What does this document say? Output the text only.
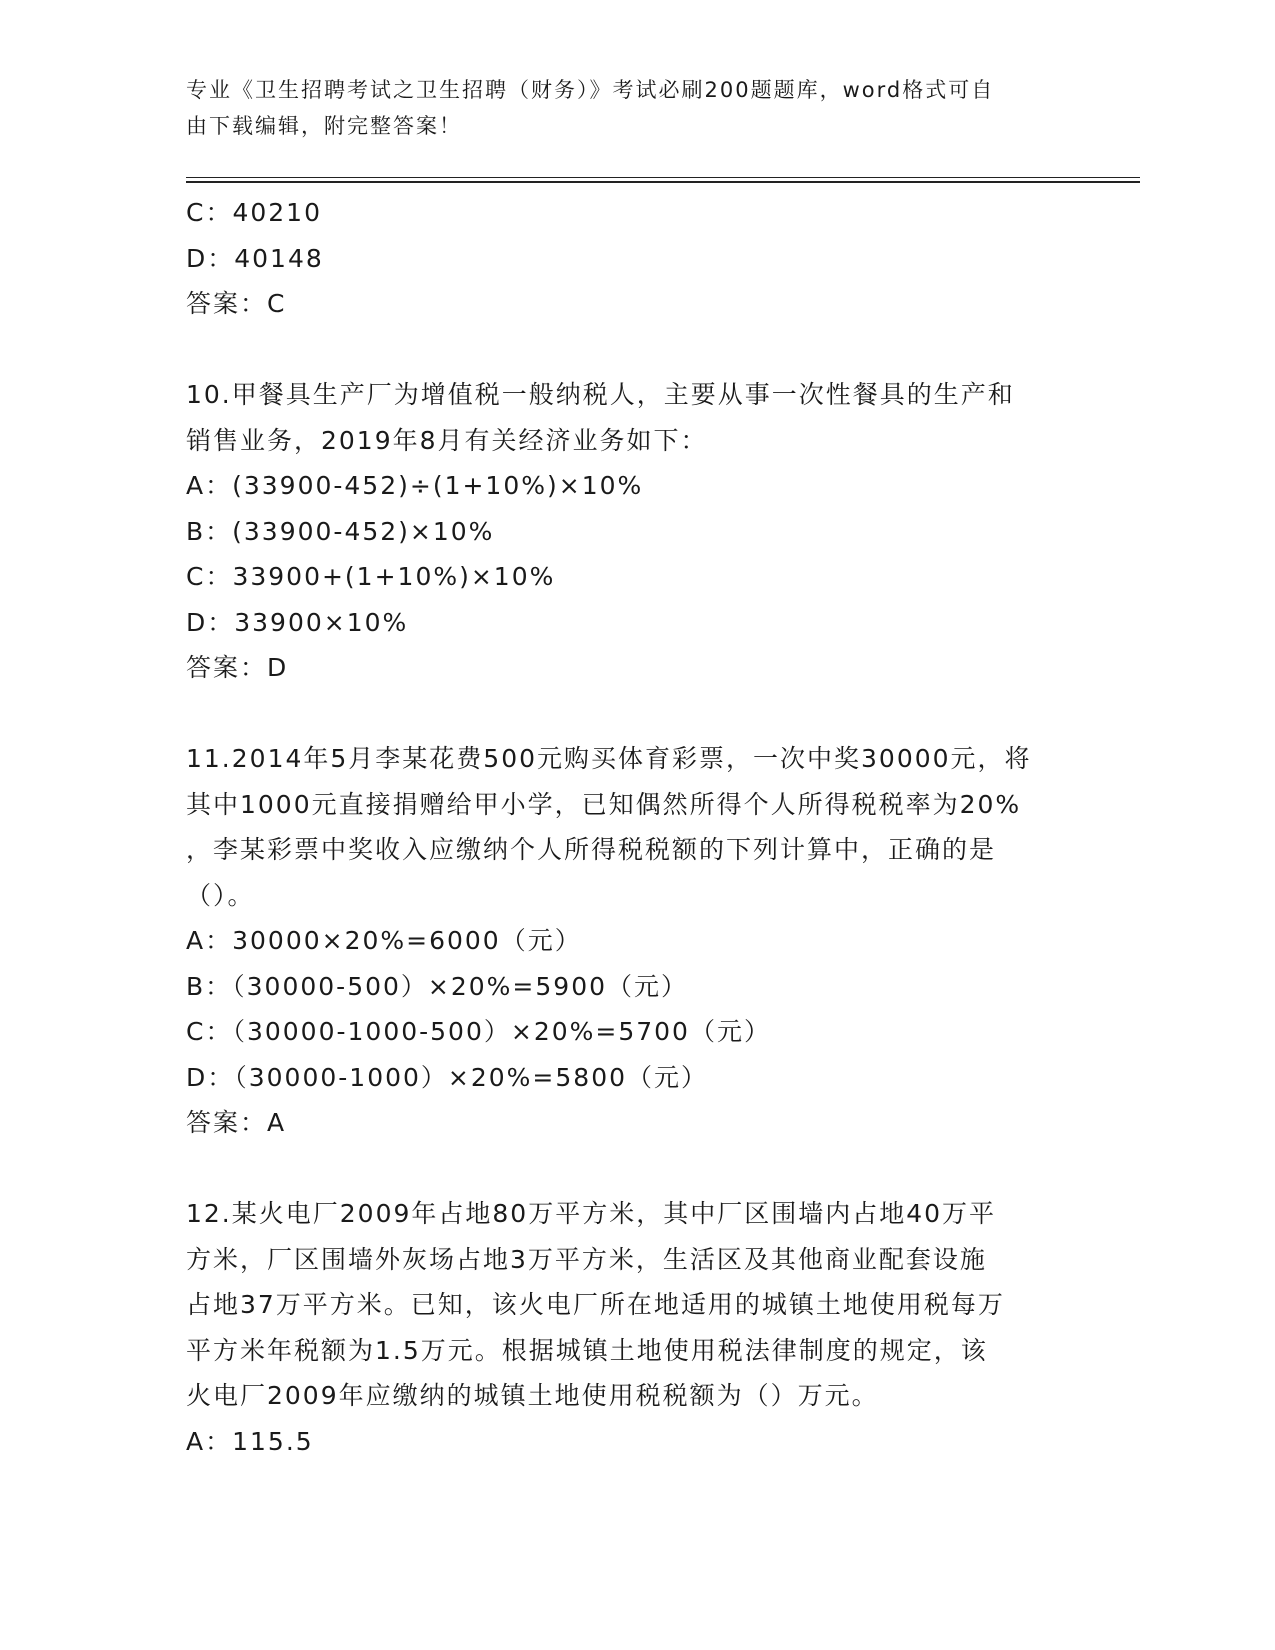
专业《卫生招聘考试之卫生招聘（财务）》考试必刷200题题库，word格式可自
由下载编辑，附完整答案！

C：40210

D：40148

答案：C

10.甲餐具生产厂为增值税一般纳税人，主要从事一次性餐具的生产和

销售业务，2019年8月有关经济业务如下：

A：(33900-452)÷(1+10%)×10%

B：(33900-452)×10%

C：33900+(1+10%)×10%

D：33900×10%

答案：D

11.2014年5月李某花费500元购买体育彩票，一次中奖30000元，将

其中1000元直接捐赠给甲小学，已知偶然所得个人所得税税率为20%

，李某彩票中奖收入应缴纳个人所得税税额的下列计算中，正确的是

（）。

A：30000×20%=6000（元）

B：（30000-500）×20%=5900（元）

C：（30000-1000-500）×20%=5700（元）

D：（30000-1000）×20%=5800（元）

答案：A

12.某火电厂2009年占地80万平方米，其中厂区围墙内占地40万平

方米，厂区围墙外灰场占地3万平方米，生活区及其他商业配套设施

占地37万平方米。已知，该火电厂所在地适用的城镇土地使用税每万

平方米年税额为1.5万元。根据城镇土地使用税法律制度的规定，该

火电厂2009年应缴纳的城镇土地使用税税额为（）万元。

A：115.5
